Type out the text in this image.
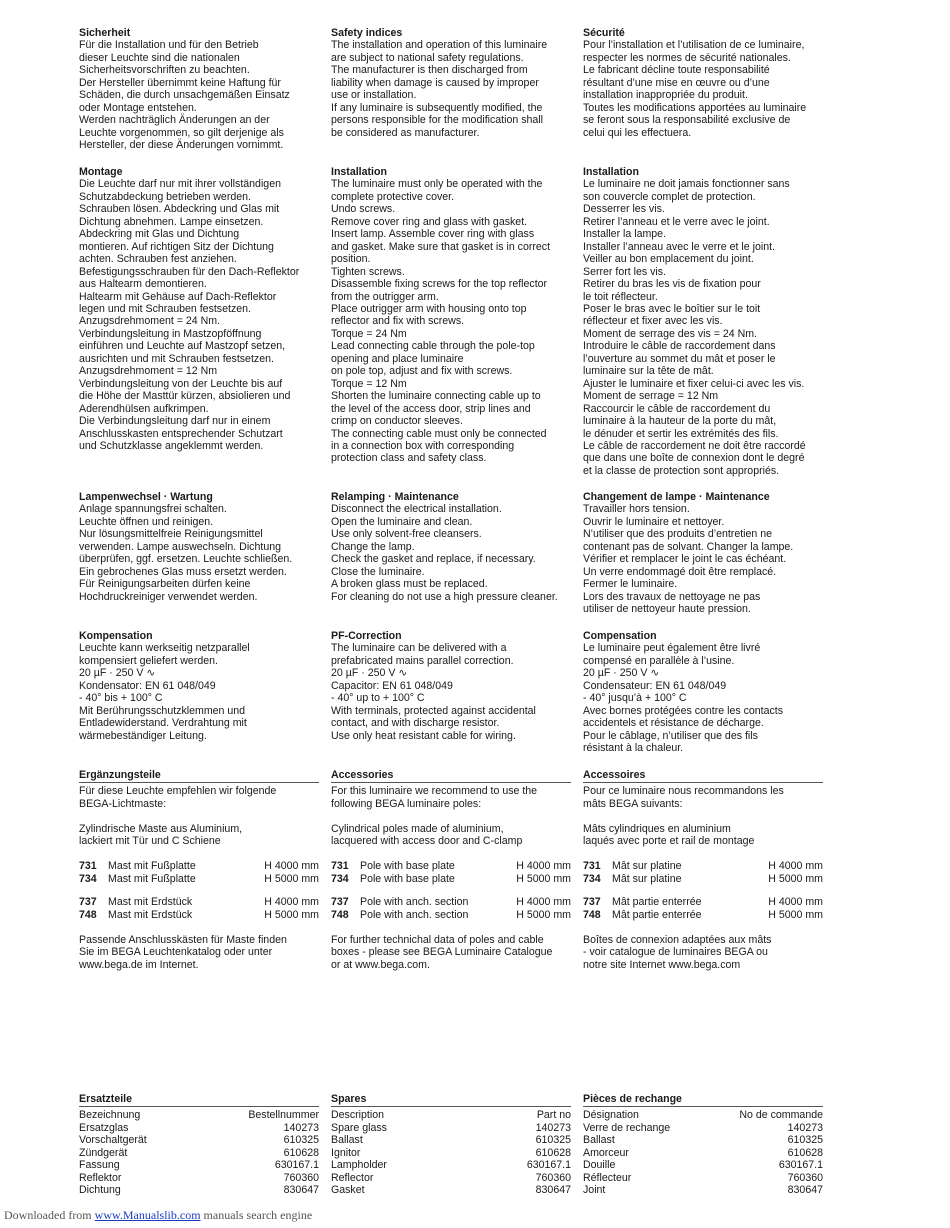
Sicherheit
Für die Installation und für den Betrieb
dieser Leuchte sind die nationalen
Sicherheitsvorschriften zu beachten.
Der Hersteller übernimmt keine Haftung für
Schäden, die durch unsachgemäßen Einsatz
oder Montage entstehen.
Werden nachträglich Änderungen an der
Leuchte vorgenommen, so gilt derjenige als
Hersteller, der diese Änderungen vornimmt.
Montage
Die Leuchte darf nur mit ihrer vollständigen
Schutzabdeckung betrieben werden.
Schrauben lösen. Abdeckring und Glas mit
Dichtung abnehmen. Lampe einsetzen.
Abdeckring mit Glas und Dichtung
montieren. Auf richtigen Sitz der Dichtung
achten. Schrauben fest anziehen.
Befestigungsschrauben für den Dach-Reflektor
aus Haltearm demontieren.
Haltearm mit Gehäuse auf Dach-Reflektor
legen und mit Schrauben festsetzen.
Anzugsdrehmoment = 24 Nm.
Verbindungsleitung in Mastzopföffnung
einführen und Leuchte auf Mastzopf setzen,
ausrichten und mit Schrauben festsetzen.
Anzugsdrehmoment = 12 Nm
Verbindungsleitung von der Leuchte bis auf
die Höhe der Masttür kürzen, absiolieren und
Aderendhülsen aufkrimpen.
Die Verbindungsleitung darf nur in einem
Anschlusskasten entsprechender Schutzart
und Schutzklasse angeklemmt werden.
Lampenwechsel · Wartung
Anlage spannungsfrei schalten.
Leuchte öffnen und reinigen.
Nur lösungsmittelfreie Reinigungsmittel
verwenden. Lampe auswechseln. Dichtung
überprüfen, ggf. ersetzen. Leuchte schließen.
Ein gebrochenes Glas muss ersetzt werden.
Für Reinigungsarbeiten dürfen keine
Hochdruckreiniger verwendet werden.
Kompensation
Leuchte kann werkseitig netzparallel
kompensiert geliefert werden.
20 µF · 250 V ∿
Kondensator: EN 61 048/049
- 40° bis + 100° C
Mit Berührungsschutzklemmen und
Entladewiderstand. Verdrahtung mit
wärmebeständiger Leitung.
Ergänzungsteile
Für diese Leuchte empfehlen wir folgende
BEGA-Lichtmaste:
Zylindrische Maste aus Aluminium,
lackiert mit Tür und C Schiene
731	Mast mit Fußplatte	H 4000 mm
734	Mast mit Fußplatte	H 5000 mm
737	Mast mit Erdstück	H 4000 mm
748	Mast mit Erdstück	H 5000 mm
Passende Anschlusskästen für Maste finden
Sie im BEGA Leuchtenkatalog oder unter
www.bega.de im Internet.
Ersatzteile
Bezeichnung	Bestellnummer
Ersatzglas	140273
Vorschaltgerät	610325
Zündgerät	610628
Fassung	630167.1
Reflektor	760360
Dichtung	830647
Safety indices
The installation and operation of this luminaire
are subject to national safety regulations.
The manufacturer is then discharged from
liability when damage is caused by improper
use or installation.
If any luminaire is subsequently modified, the
persons responsible for the modification shall
be considered as manufacturer.
Installation
The luminaire must only be operated with the
complete protective cover.
Undo screws.
Remove cover ring and glass with gasket.
Insert lamp. Assemble cover ring with glass
and gasket. Make sure that gasket is in correct
position.
Tighten screws.
Disassemble fixing screws for the top reflector
from the outrigger arm.
Place outrigger arm with housing onto top
reflector and fix with screws.
Torque = 24 Nm
Lead connecting cable through the pole-top
opening and place luminaire
on pole top, adjust and fix with screws.
Torque = 12 Nm
Shorten the luminaire connecting cable up to
the level of the access door, strip lines and
crimp on conductor sleeves.
The connecting cable must only be connected
in a connection box with corresponding
protection class and safety class.
Relamping · Maintenance
Disconnect the electrical installation.
Open the luminaire and clean.
Use only solvent-free cleansers.
Change the lamp.
Check the gasket and replace, if necessary.
Close the luminaire.
A broken glass must be replaced.
For cleaning do not use a high pressure cleaner.
PF-Correction
The luminaire can be delivered with a
prefabricated mains parallel correction.
20 µF · 250 V ∿
Capacitor: EN 61 048/049
- 40° up to + 100° C
With terminals, protected against accidental
contact, and with discharge resistor.
Use only heat resistant cable for wiring.
Accessories
For this luminaire we recommend to use the
following BEGA luminaire poles:
Cylindrical poles made of aluminium,
lacquered with access door and C-clamp
731	Pole with base plate	H 4000 mm
734	Pole with base plate	H 5000 mm
737	Pole with anch. section	H 4000 mm
748	Pole with anch. section	H 5000 mm
For further technichal data of poles and cable
boxes - please see BEGA Luminaire Catalogue
or at www.bega.com.
Spares
Description	Part no
Spare glass	140273
Ballast	610325
Ignitor	610628
Lampholder	630167.1
Reflector	760360
Gasket	830647
Sécurité
Pour l’installation et l’utilisation de ce luminaire,
respecter les normes de sécurité nationales.
Le fabricant décline toute responsabilité
résultant d’une mise en œuvre ou d’une
installation inappropriée du produit.
Toutes les modifications apportées au luminaire
se feront sous la responsabilité exclusive de
celui qui les effectuera.
Installation
Le luminaire ne doit jamais fonctionner sans
son couvercle complet de protection.
Desserrer les vis.
Retirer l’anneau et le verre avec le joint.
Installer la lampe.
Installer l’anneau avec le verre et le joint.
Veiller au bon emplacement du joint.
Serrer fort les vis.
Retirer du bras les vis de fixation pour
le toit réflecteur.
Poser le bras avec le boîtier sur le toit
réflecteur et fixer avec les vis.
Moment de serrage des vis = 24 Nm.
Introduire le câble de raccordement dans
l’ouverture au sommet du mât et poser le
luminaire sur la tête de mât.
Ajuster le luminaire et fixer celui-ci avec les vis.
Moment de serrage = 12 Nm
Raccourcir le câble de raccordement du
luminaire à la hauteur de la porte du mât,
le dénuder et sertir les extrémités des fils.
Le câble de raccordement ne doit être raccordé
que dans une boîte de connexion dont le degré
et la classe de protection sont appropriés.
Changement de lampe · Maintenance
Travailler hors tension.
Ouvrir le luminaire et nettoyer.
N’utiliser que des produits d’entretien ne
contenant pas de solvant. Changer la lampe.
Vérifier et remplacer le joint le cas échéant.
Un verre endommagé doit être remplacé.
Fermer le luminaire.
Lors des travaux de nettoyage ne pas
utiliser de nettoyeur haute pression.
Compensation
Le luminaire peut également être livré
compensé en parallèle à l’usine.
20 µF · 250 V ∿
Condensateur: EN 61 048/049
- 40° jusqu’à + 100° C
Avec bornes protégées contre les contacts
accidentels et résistance de décharge.
Pour le câblage, n’utiliser que des fils
résistant à la chaleur.
Accessoires
Pour ce luminaire nous recommandons les
mâts BEGA suivants:
Mâts cylindriques en aluminium
laqués avec porte et rail de montage
731	Mât sur platine	H 4000 mm
734	Mât sur platine	H 5000 mm
737	Mât partie enterrée	H 4000 mm
748	Mât partie enterrée	H 5000 mm
Boîtes de connexion adaptées aux mâts
- voir catalogue de luminaires BEGA ou
notre site Internet www.bega.com
Pièces de rechange
Désignation	No de commande
Verre de rechange	140273
Ballast	610325
Amorceur	610628
Douille	630167.1
Réflecteur	760360
Joint	830647
Downloaded from www.Manualslib.com manuals search engine
